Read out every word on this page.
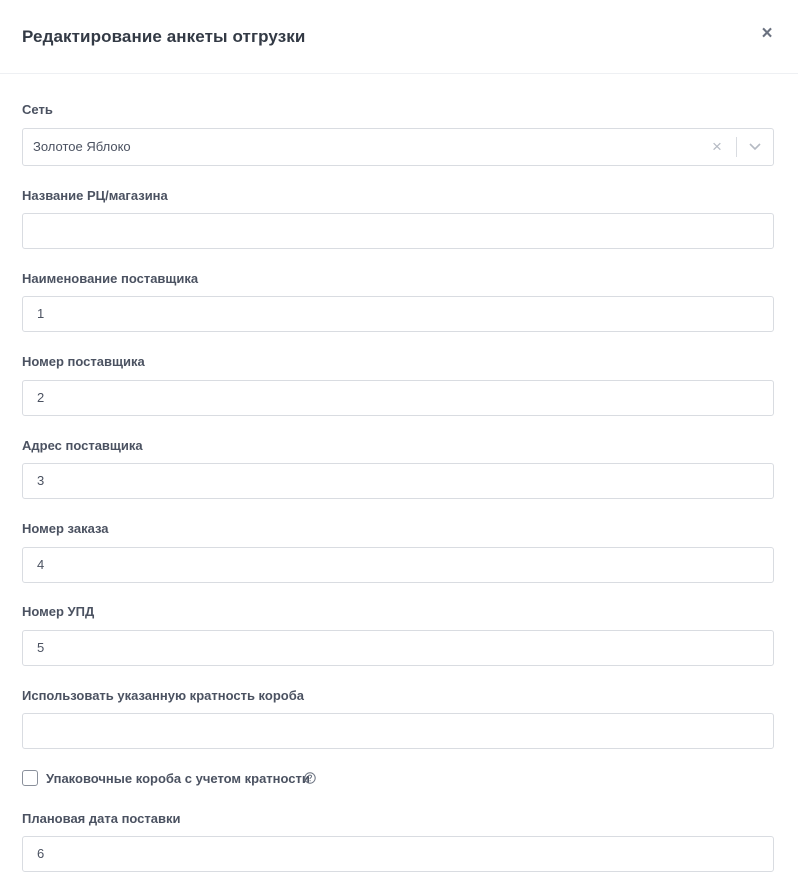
Редактирование анкеты отгрузки	×
Сеть
Золотое Яблоко	×
Название РЦ/магазина
Наименование поставщика
1
Номер поставщика
2
Адрес поставщика
3
Номер заказа
4
Номер УПД
5
Использовать указанную кратность короба
Упаковочные коробa с учетом кратности
Плановая дата поставки
6
